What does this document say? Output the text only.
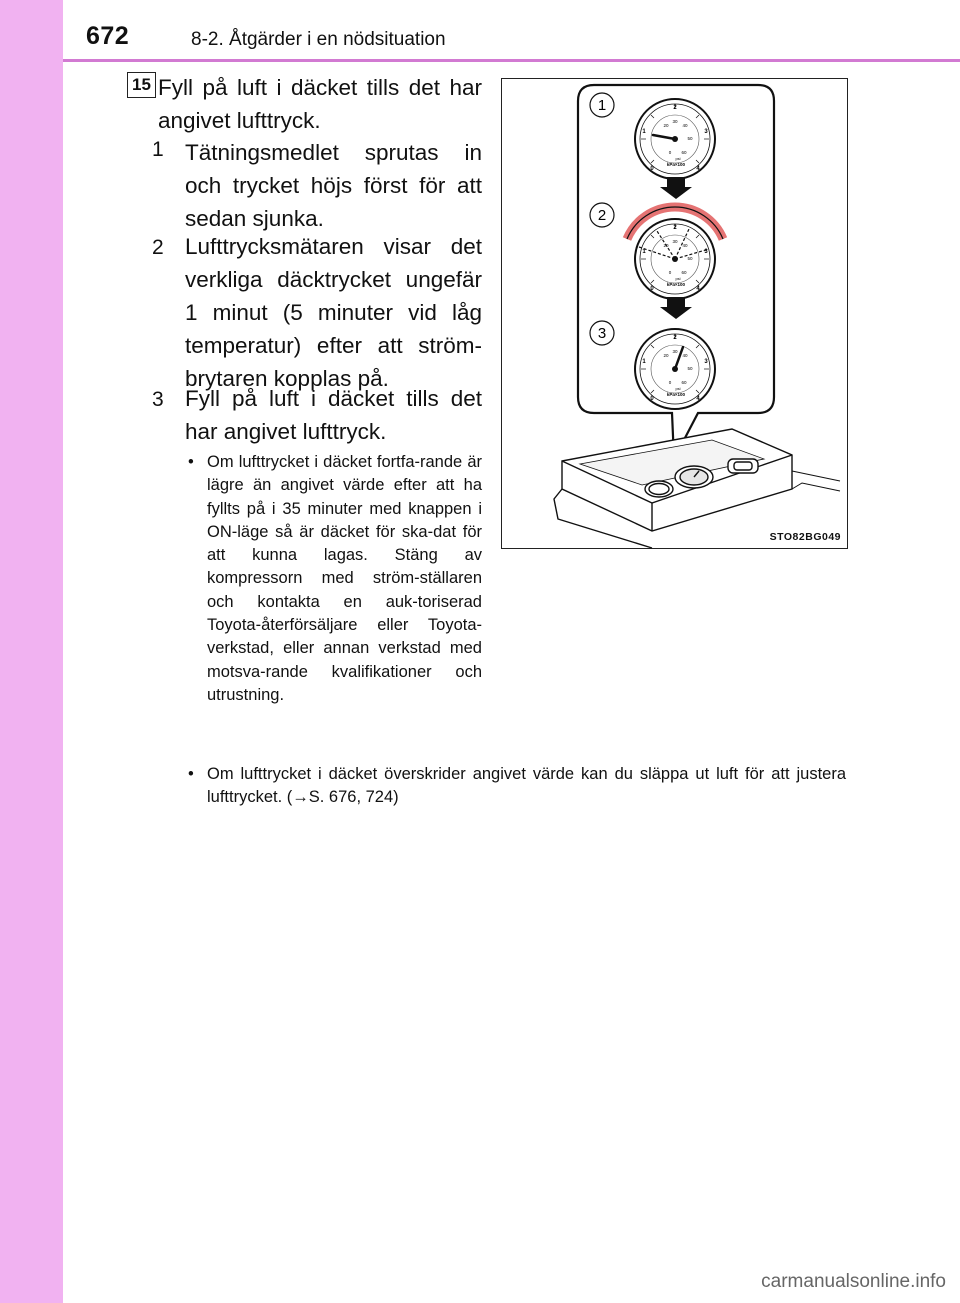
672	8-2. Åtgärder i en nödsituation
15 Fyll på luft i däcket tills det har angivet lufttryck.

1 Tätningsmedlet sprutas in och trycket höjs först för att sedan sjunka.

2 Lufttrycksmätaren visar det verkliga däcktrycket ungefär 1 minut (5 minuter vid låg temperatur) efter att ström-brytaren kopplas på.

3 Fyll på luft i däcket tills det har angivet lufttryck.

• Om lufttrycket i däcket fortfa-rande är lägre än angivet värde efter att ha fyllts på i 35 minuter med knappen i ON-läge så är däcket för ska-dat för att kunna lagas. Stäng av kompressorn med ström-ställaren och kontakta en auk-toriserad Toyota-återförsäljare eller Toyota-verkstad, eller annan verkstad med motsva-rande kvalifikationer och utrustning.
• Om lufttrycket i däcket överskrider angivet värde kan du släppa ut luft för att justera lufttrycket. (→S. 676, 724)
0
1
2
3
4
0
20	40
50
60
psi
kPa×100	1
2
3
STO82BG049
carmanualsonline.info
